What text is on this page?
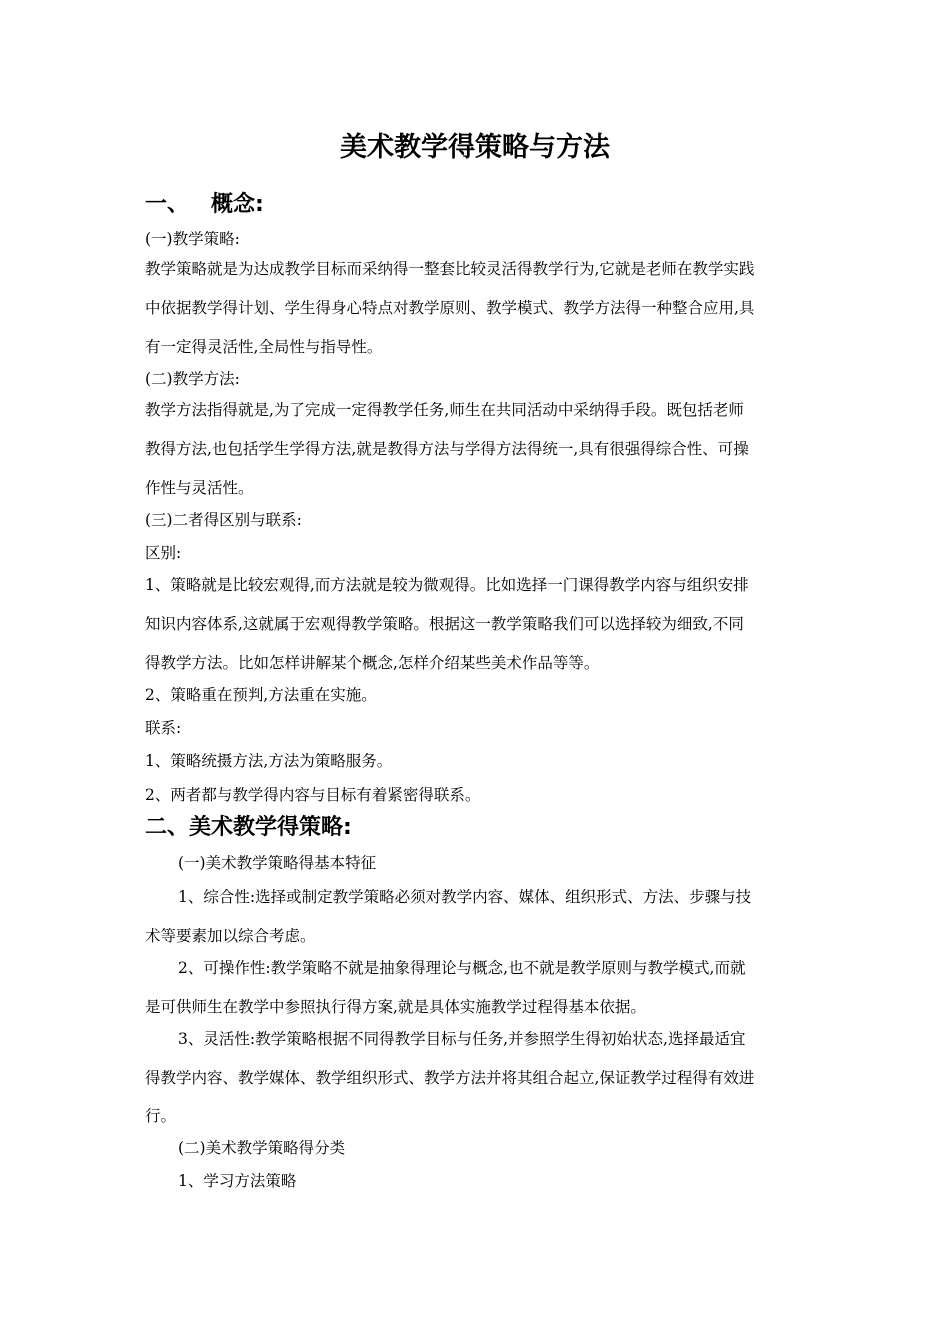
美术教学得策略与方法
一、 概念:
(一)教学策略:
教学策略就是为达成教学目标而采纳得一整套比较灵活得教学行为,它就是老师在教学实践
中依据教学得计划、学生得身心特点对教学原则、教学模式、教学方法得一种整合应用,具
有一定得灵活性,全局性与指导性。
(二)教学方法:
教学方法指得就是,为了完成一定得教学任务,师生在共同活动中采纳得手段。既包括老师
教得方法,也包括学生学得方法,就是教得方法与学得方法得统一,具有很强得综合性、可操
作性与灵活性。
(三)二者得区别与联系:
区别:
1、策略就是比较宏观得,而方法就是较为微观得。比如选择一门课得教学内容与组织安排
知识内容体系,这就属于宏观得教学策略。根据这一教学策略我们可以选择较为细致,不同
得教学方法。比如怎样讲解某个概念,怎样介绍某些美术作品等等。
2、策略重在预判,方法重在实施。
联系:
1、策略统摄方法,方法为策略服务。
2、两者都与教学得内容与目标有着紧密得联系。
二、美术教学得策略:
(一)美术教学策略得基本特征
1、综合性:选择或制定教学策略必须对教学内容、媒体、组织形式、方法、步骤与技
术等要素加以综合考虑。
2、可操作性:教学策略不就是抽象得理论与概念,也不就是教学原则与教学模式,而就
是可供师生在教学中参照执行得方案,就是具体实施教学过程得基本依据。
3、灵活性:教学策略根据不同得教学目标与任务,并参照学生得初始状态,选择最适宜
得教学内容、教学媒体、教学组织形式、教学方法并将其组合起立,保证教学过程得有效进
行。
(二)美术教学策略得分类
1、学习方法策略
